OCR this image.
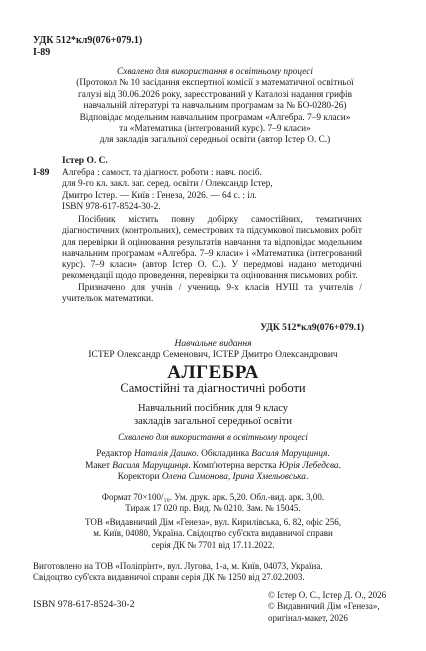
УДК 512*кл9(076+079.1)
І-89
Схвалено для використання в освітньому процесі
(Протокол № 10 засідання експертної комісії з математичної освітньої
галузі від 30.06.2026 року, зареєстрований у Каталозі надання грифів
навчальній літературі та навчальним програмам за № БО-0280-26)
Відповідає модельним навчальним програмам «Алгебра. 7–9 класи»
та «Математика (інтегрований курс). 7–9 класи»
для закладів загальної середньої освіти (автор Істер О. С.)
Істер О. С.
І-89 Алгебра : самост. та діагност. роботи : навч. посіб.
для 9-го кл. закл. заг. серед. освіти / Олександр Істер,
Дмитро Істер. — Київ : Генеза, 2026. — 64 с. : іл.
ISBN 978-617-8524-30-2.

Посібник містить повну добірку самостійних, тематичних діагностичних (контрольних), семестрових та підсумкової письмових робіт для перевірки й оцінювання результатів навчання та відповідає модельним навчальним програмам «Алгебра. 7–9 класи» і «Математика (інтегрований курс). 7–9 класи» (автор Істер О. С.). У передмові надано методичні рекомендації щодо проведення, перевірки та оцінювання письмових робіт.

Призначено для учнів / учениць 9-х класів НУШ та учителів / учительок математики.

УДК 512*кл9(076+079.1)
Навчальне видання
ІСТЕР Олександр Семенович, ІСТЕР Дмитро Олександрович
АЛГЕБРА
Самостійні та діагностичні роботи
Навчальний посібник для 9 класу
закладів загальної середньої освіти
Схвалено для використання в освітньому процесі
Редактор Наталія Дашко. Обкладинка Василя Марущинця.
Макет Василя Марущинця. Комп'ютерна верстка Юрія Лебедєва.
Коректори Олена Симонова, Ірина Хмельовська.
Формат 70×100/₁₆. Ум. друк. арк. 5,20. Обл.-вид. арк. 3,00.
Тираж 17 020 пр. Вид. № 0210. Зам. № 15045.
ТОВ «Видавничий Дім «Генеза», вул. Кирилівська, 6. 82, офіс 256,
м. Київ, 04080, Україна. Свідоцтво суб'єкта видавничої справи
серія ДК № 7701 від 17.11.2022.
Виготовлено на ТОВ «Поліпрінт», вул. Лугова, 1-а, м. Київ, 04073, Україна.
Свідоцтво суб'єкта видавничої справи серія ДК № 1250 від 27.02.2003.
© Істер О. С., Істер Д. О., 2026
© Видавничий Дім «Генеза»,
оригінал-макет, 2026
ISBN 978-617-8524-30-2
